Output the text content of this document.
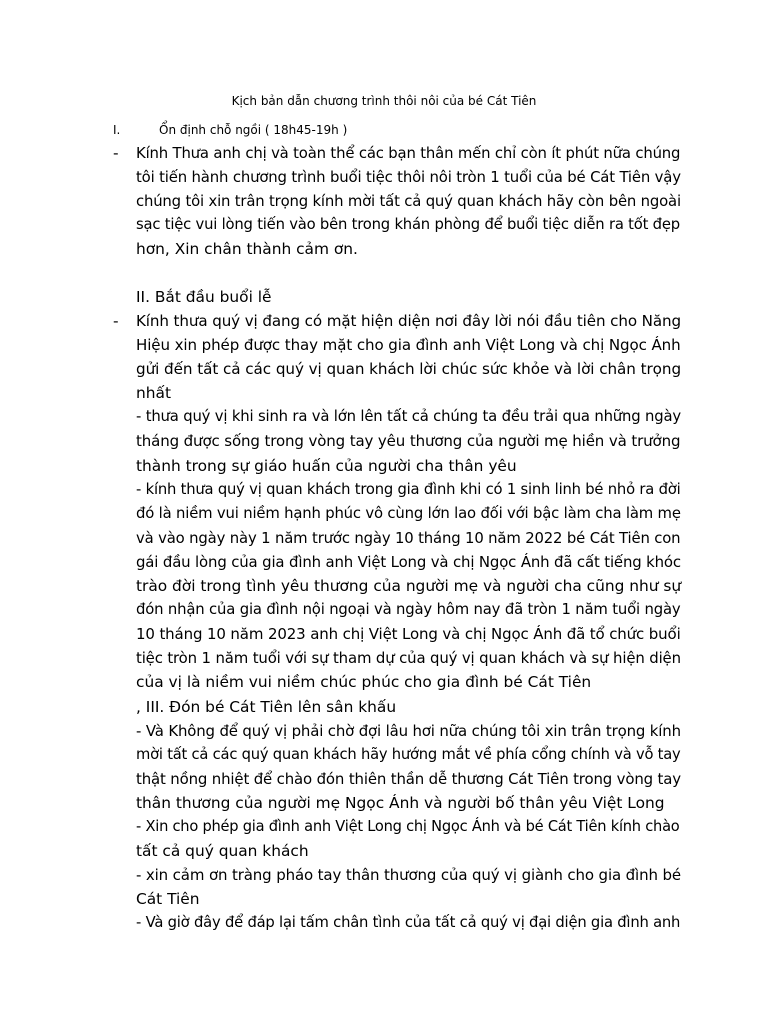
Kịch bản dẫn chương trình thôi nôi của bé Cát Tiên
I.	Ổn định chỗ ngồi ( 18h45-19h )
-	Kính Thưa anh chị và toàn thể các bạn thân mến chỉ còn ít phút nữa chúng
tôi tiến hành chương trình buổi tiệc thôi nôi tròn 1 tuổi của bé Cát Tiên vậy
chúng tôi xin trân trọng kính mời tất cả quý quan khách hãy còn bên ngoài
sạc tiệc vui lòng tiến vào bên trong khán phòng để buổi tiệc diễn ra tốt đẹp
hơn, Xin chân thành cảm ơn.
II. Bắt đầu buổi lễ
-	Kính thưa quý vị đang có mặt hiện diện nơi đây lời nói đầu tiên cho Năng
Hiệu xin phép được thay mặt cho gia đình anh Việt Long và chị Ngọc Ánh
gửi đến tất cả các quý vị quan khách lời chúc sức khỏe và lời chân trọng
nhất
- thưa quý vị khi sinh ra và lớn lên tất cả chúng ta đều trải qua những ngày
tháng được sống trong vòng tay yêu thương của người mẹ hiền và trưởng
thành trong sự giáo huấn của người cha thân yêu
- kính thưa quý vị quan khách trong gia đình khi có 1 sinh linh bé nhỏ ra đời
đó là niềm vui niềm hạnh phúc vô cùng lớn lao đối với bậc làm cha làm mẹ
và vào ngày này 1 năm trước ngày 10 tháng 10 năm 2022 bé Cát Tiên con
gái đầu lòng của gia đình anh Việt Long và chị Ngọc Ánh đã cất tiếng khóc
trào đời trong tình yêu thương của người mẹ và người cha cũng như sự
đón nhận của gia đình nội ngoại và ngày hôm nay đã tròn 1 năm tuổi ngày
10 tháng 10 năm 2023 anh chị Việt Long và chị Ngọc Ánh đã tổ chức buổi
tiệc tròn 1 năm tuổi với sự tham dự của quý vị quan khách và sự hiện diện
của vị là niềm vui niềm chúc phúc cho gia đình bé Cát Tiên
, III. Đón bé Cát Tiên lên sân khấu
- Và Không để quý vị phải chờ đợi lâu hơi nữa chúng tôi xin trân trọng kính
mời tất cả các quý quan khách hãy hướng mắt về phía cổng chính và vỗ tay
thật nồng nhiệt để chào đón thiên thần dễ thương Cát Tiên trong vòng tay
thân thương của người mẹ Ngọc Ánh và người bố thân yêu Việt Long
- Xin cho phép gia đình anh Việt Long chị Ngọc Ánh và bé Cát Tiên kính chào
tất cả quý quan khách
- xin cảm ơn tràng pháo tay thân thương của quý vị giành cho gia đình bé
Cát Tiên
- Và giờ đây để đáp lại tấm chân tình của tất cả quý vị đại diện gia đình anh
